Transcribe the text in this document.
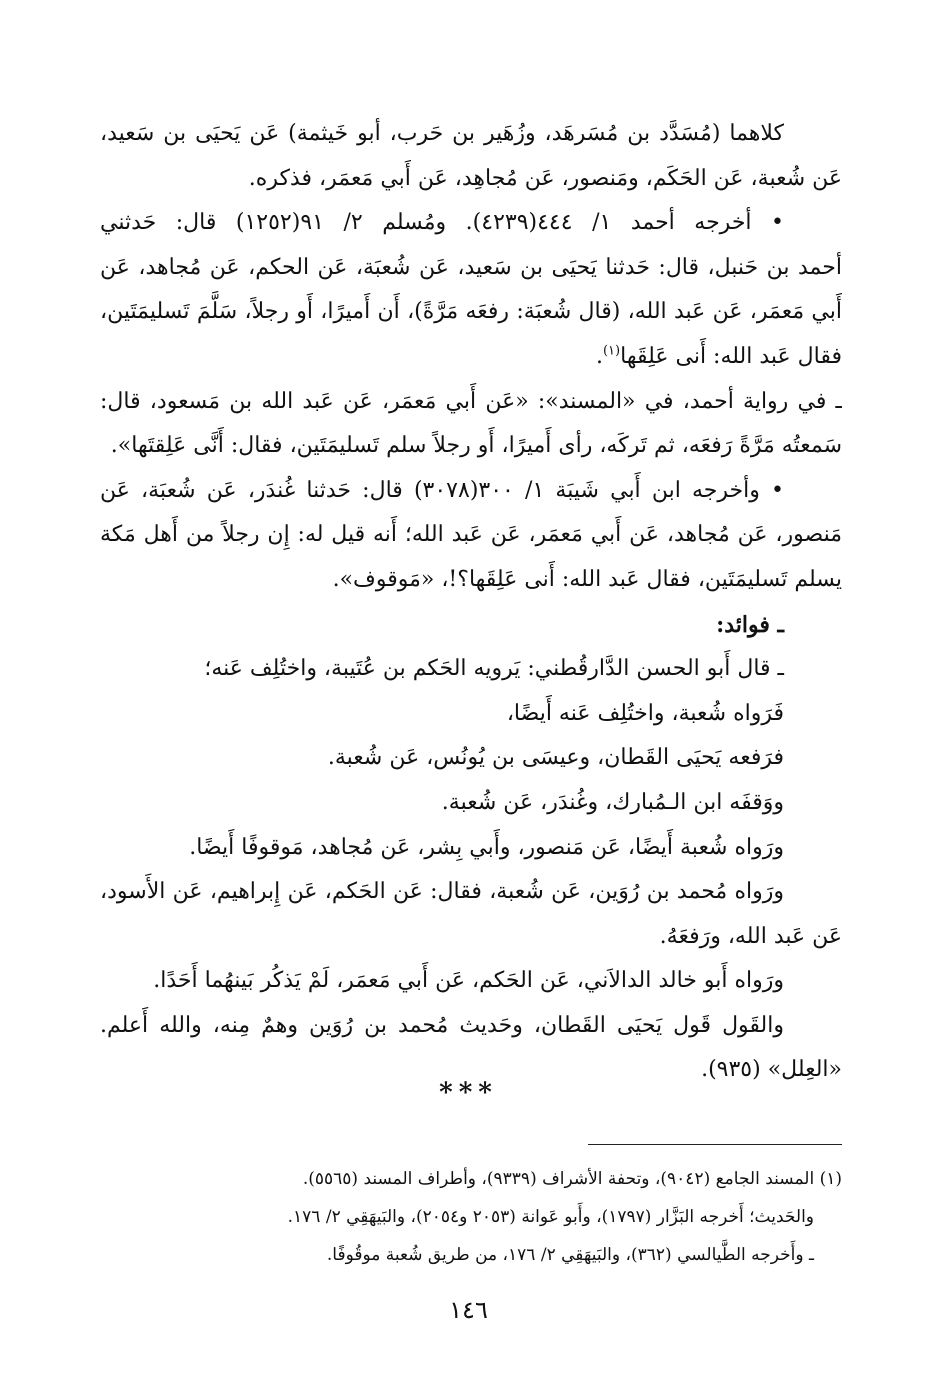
كلاهما (مُسَدَّد بن مُسَرهَد، وزُهَير بن حَرب، أبو خَيثمة) عَن يَحيَى بن سَعيد،
عَن شُعبة، عَن الحَكَم، ومَنصور، عَن مُجاهِد، عَن أَبي مَعمَر، فذكره.
• أخرجه أحمد ١/ ٤٤٤(٤٢٣٩). ومُسلم ٢/ ٩١(١٢٥٢) قال: حَدثني
أحمد بن حَنبل، قال: حَدثنا يَحيَى بن سَعيد، عَن شُعبَة، عَن الحكم، عَن مُجاهد، عَن
أَبي مَعمَر، عَن عَبد الله، (قال شُعبَة: رفعَه مَرَّةً)، أَن أَميرًا، أَو رجلاً، سَلَّمَ تَسليمَتَين،
فقال عَبد الله: أَنى عَلِقَها$^{(١)}$.
ـ في رواية أحمد، في «المسند»: «عَن أَبي مَعمَر، عَن عَبد الله بن مَسعود، قال:
سَمعتُه مَرَّةً رَفعَه، ثم تَركَه، رأى أَميرًا، أَو رجلاً سلم تَسليمَتَين، فقال: أَنَّى عَلِقتَها».
• وأخرجه ابن أَبي شَيبَة ١/ ٣٠٠(٣٠٧٨) قال: حَدثنا غُندَر، عَن شُعبَة، عَن
مَنصور، عَن مُجاهد، عَن أَبي مَعمَر، عَن عَبد الله؛ أَنه قيل له: إِن رجلاً من أَهل مَكة
يسلم تَسليمَتَين، فقال عَبد الله: أَنى عَلِقَها؟!، «مَوقوف».
ـ فوائد:
ـ قال أَبو الحسن الدَّارقُطني: يَرويه الحَكم بن عُتَيبة، واختُلِف عَنه؛
فَرَواه شُعبة، واختُلِف عَنه أَيضًا،
فرَفعه يَحيَى القَطان، وعيسَى بن يُونُس، عَن شُعبة.
ووَقفَه ابن الـمُبارك، وغُندَر، عَن شُعبة.
ورَواه شُعبة أَيضًا، عَن مَنصور، وأَبي بِشر، عَن مُجاهد، مَوقوفًا أَيضًا.
ورَواه مُحمد بن رُوَين، عَن شُعبة، فقال: عَن الحَكم، عَن إِبراهيم، عَن الأَسود،
عَن عَبد الله، ورَفعَهُ.
ورَواه أَبو خالد الدالاَني، عَن الحَكم، عَن أَبي مَعمَر، لَمْ يَذكُر بَينهُما أَحَدًا.
والقَول قَول يَحيَى القَطان، وحَديث مُحمد بن رُوَين وهمٌ مِنه، والله أَعلم.
«العِلل» (٩٣٥).
***
(١) المسند الجامع (٩٠٤٢)، وتحفة الأشراف (٩٣٣٩)، وأطراف المسند (٥٥٦٥).
والحَديث؛ أَخرجه البَزَّار (١٧٩٧)، وأَبو عَوانة (٢٠٥٣ و٢٠٥٤)، والبَيهَقِي ٢/ ١٧٦.
ـ وأَخرجه الطَّيالسي (٣٦٢)، والبَيهَقِي ٢/ ١٧٦، من طريق شُعبة موقُوفًا.
١٤٦
